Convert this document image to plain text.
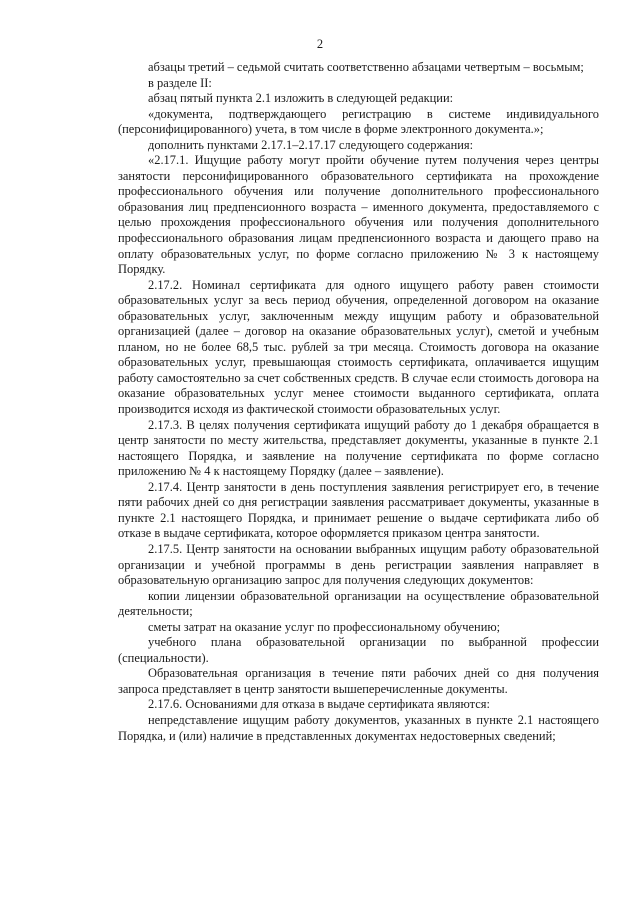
2

абзацы третий – седьмой считать соответственно абзацами четвертым – восьмым;

в разделе II:

абзац пятый пункта 2.1 изложить в следующей редакции:

«документа, подтверждающего регистрацию в системе индивидуального (персонифицированного) учета, в том числе в форме электронного документа.»;

дополнить пунктами 2.17.1–2.17.17 следующего содержания:

«2.17.1. Ищущие работу могут пройти обучение путем получения через центры занятости персонифицированного образовательного сертификата на прохождение профессионального обучения или получение дополнительного профессионального образования лиц предпенсионного возраста – именного документа, предоставляемого с целью прохождения профессионального обучения или получения дополнительного профессионального образования лицам предпенсионного возраста и дающего право на оплату образовательных услуг, по форме согласно приложению № 3 к настоящему Порядку.

2.17.2. Номинал сертификата для одного ищущего работу равен стоимости образовательных услуг за весь период обучения, определенной договором на оказание образовательных услуг, заключенным между ищущим работу и образовательной организацией (далее – договор на оказание образовательных услуг), сметой и учебным планом, но не более 68,5 тыс. рублей за три месяца. Стоимость договора на оказание образовательных услуг, превышающая стоимость сертификата, оплачивается ищущим работу самостоятельно за счет собственных средств. В случае если стоимость договора на оказание образовательных услуг менее стоимости выданного сертификата, оплата производится исходя из фактической стоимости образовательных услуг.

2.17.3. В целях получения сертификата ищущий работу до 1 декабря обращается в центр занятости по месту жительства, представляет документы, указанные в пункте 2.1 настоящего Порядка, и заявление на получение сертификата по форме согласно приложению № 4 к настоящему Порядку (далее – заявление).

2.17.4. Центр занятости в день поступления заявления регистрирует его, в течение пяти рабочих дней со дня регистрации заявления рассматривает документы, указанные в пункте 2.1 настоящего Порядка, и принимает решение о выдаче сертификата либо об отказе в выдаче сертификата, которое оформляется приказом центра занятости.

2.17.5. Центр занятости на основании выбранных ищущим работу образовательной организации и учебной программы в день регистрации заявления направляет в образовательную организацию запрос для получения следующих документов:

копии лицензии образовательной организации на осуществление образовательной деятельности;

сметы затрат на оказание услуг по профессиональному обучению;

учебного плана образовательной организации по выбранной профессии (специальности).

Образовательная организация в течение пяти рабочих дней со дня получения запроса представляет в центр занятости вышеперечисленные документы.

2.17.6. Основаниями для отказа в выдаче сертификата являются:

непредставление ищущим работу документов, указанных в пункте 2.1 настоящего Порядка, и (или) наличие в представленных документах недостоверных сведений;
